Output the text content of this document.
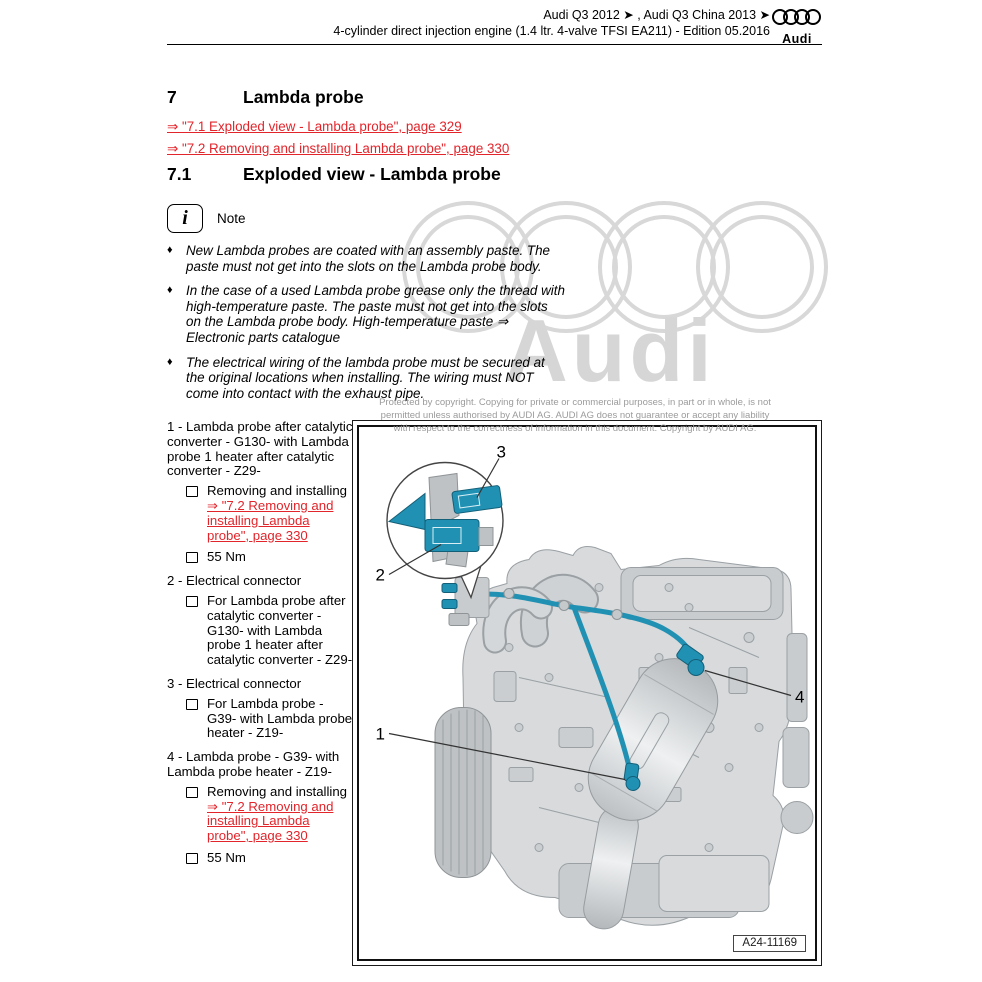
Audi
Audi Q3 2012 ➤ , Audi Q3 China 2013 ➤
4-cylinder direct injection engine (1.4 ltr. 4-valve TFSI EA211) - Edition 05.2016
Audi
7	Lambda probe
⇒ "7.1 Exploded view - Lambda probe", page 329
⇒ "7.2 Removing and installing Lambda probe", page 330
7.1	Exploded view - Lambda probe
i	Note
♦ New Lambda probes are coated with an assembly paste. The paste must not get into the slots on the Lambda probe body.
♦ In the case of a used Lambda probe grease only the thread with high-temperature paste. The paste must not get into the slots on the Lambda probe body. High-temperature paste ⇒ Electronic parts catalogue
♦ The electrical wiring of the lambda probe must be secured at the original locations when installing. The wiring must NOT come into contact with the exhaust pipe.
Protected by copyright. Copying for private or commercial purposes, in part or in whole, is not
permitted unless authorised by AUDI AG. AUDI AG does not guarantee or accept any liability
with respect to the correctness of information in this document. Copyright by AUDI AG.
1 - Lambda probe after catalytic converter - G130- with Lambda probe 1 heater after catalytic converter - Z29-
Removing and installing ⇒ "7.2 Removing and installing Lambda probe", page 330
55 Nm
2 - Electrical connector
For Lambda probe after catalytic converter - G130- with Lambda probe 1 heater after catalytic converter - Z29-
3 - Electrical connector
For Lambda probe - G39- with Lambda probe heater - Z19-
4 - Lambda probe - G39- with Lambda probe heater - Z19-
Removing and installing ⇒ "7.2 Removing and installing Lambda probe", page 330
55 Nm
3
2
1
4
A24-11169
